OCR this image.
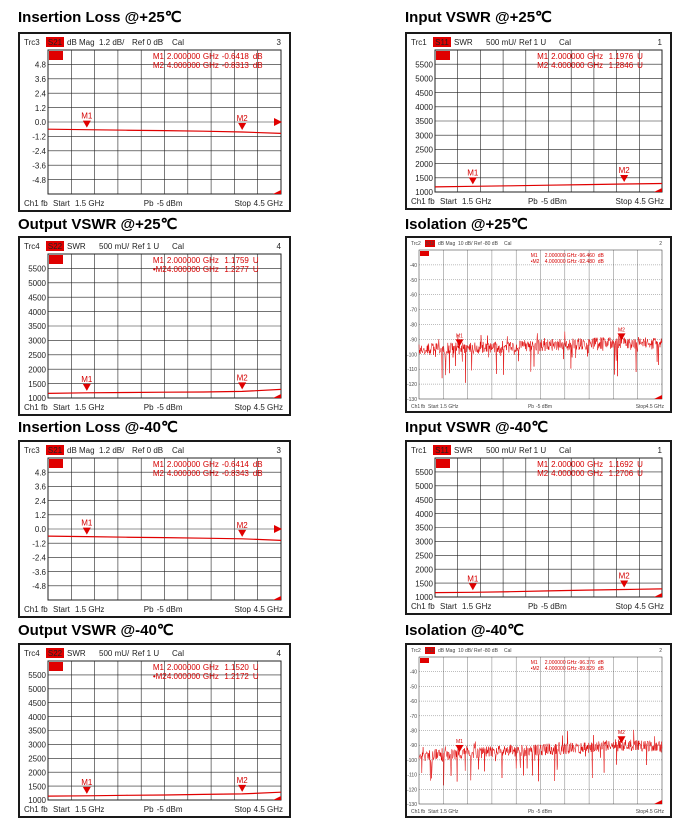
Insertion Loss @+25℃	Input VSWR @+25℃
Output VSWR @+25℃	Isolation @+25℃
Insertion Loss @-40℃	Input VSWR @-40℃
Output VSWR @-40℃	Isolation @-40℃
Trc3 S21 dB Mag 1.2 dB/ Ref 0 dB Cal	3
4.8
3.6
2.4
1.2
0.0
-1.2
-2.4
-3.6
-4.8
M1	M2
M1 2.000000 GHz -0.6418 dB
M2 4.000000 GHz -0.8313 dB
Ch1 fb Start 1.5 GHz	Pb -5 dBm	Stop 4.5 GHz
Trc1 S11 SWR 500 mU/ Ref 1 U Cal	1
5500
5000
4500
4000
3500
3000
2500
2000
1500
1000
M1	M2
M1 2.000000 GHz 1.1976 U
M2 4.000000 GHz 1.2846 U
Ch1 fb Start 1.5 GHz	Pb -5 dBm	Stop 4.5 GHz
Trc4 S22 SWR 500 mU/ Ref 1 U Cal	4
5500
5000
4500
4000
3500
3000
2500
2000
1500
1000
M1	M2
M1 2.000000 GHz 1.1759 U
•M2 4.000000 GHz 1.2277 U
Ch1 fb Start 1.5 GHz	Pb -5 dBm	Stop 4.5 GHz
Trc2 S12 dB Mag 10 dB/ Ref -80 dB Cal	2
-40
-50
-60
-70
-80
-90
-100
-110
-120
-130
M1
M2
M1 2.000000 GHz -96.460 dB
•M2 4.000000 GHz -92.480 dB
Ch1 fb Start 1.5 GHz	Pb -5 dBm	Stop 4.5 GHz
Trc3 S21 dB Mag 1.2 dB/ Ref 0 dB Cal	3
4.8
3.6
2.4
1.2
0.0
-1.2
-2.4
-3.6
-4.8
M1	M2
M1 2.000000 GHz -0.6414 dB
M2 4.000000 GHz -0.8343 dB
Ch1 fb Start 1.5 GHz	Pb -5 dBm	Stop 4.5 GHz
Trc1 S11 SWR 500 mU/ Ref 1 U Cal	1
5500
5000
4500
4000
3500
3000
2500
2000
1500
1000
M1	M2
M1 2.000000 GHz 1.1692 U
M2 4.000000 GHz 1.2706 U
Ch1 fb Start 1.5 GHz	Pb -5 dBm	Stop 4.5 GHz
Trc4 S22 SWR 500 mU/ Ref 1 U Cal	4
5500
5000
4500
4000
3500
3000
2500
2000
1500
1000
M1	M2
M1 2.000000 GHz 1.1520 U
•M2 4.000000 GHz 1.2172 U
Ch1 fb Start 1.5 GHz	Pb -5 dBm	Stop 4.5 GHz
Trc2 S12 dB Mag 10 dB/ Ref -80 dB Cal	2
-40
-50
-60
-70
-80
-90
-100
-110
-120
-130
M1
M2
M1 2.000000 GHz -96.376 dB
•M2 4.000000 GHz -89.829 dB
Ch1 fb Start 1.5 GHz	Pb -5 dBm	Stop 4.5 GHz
